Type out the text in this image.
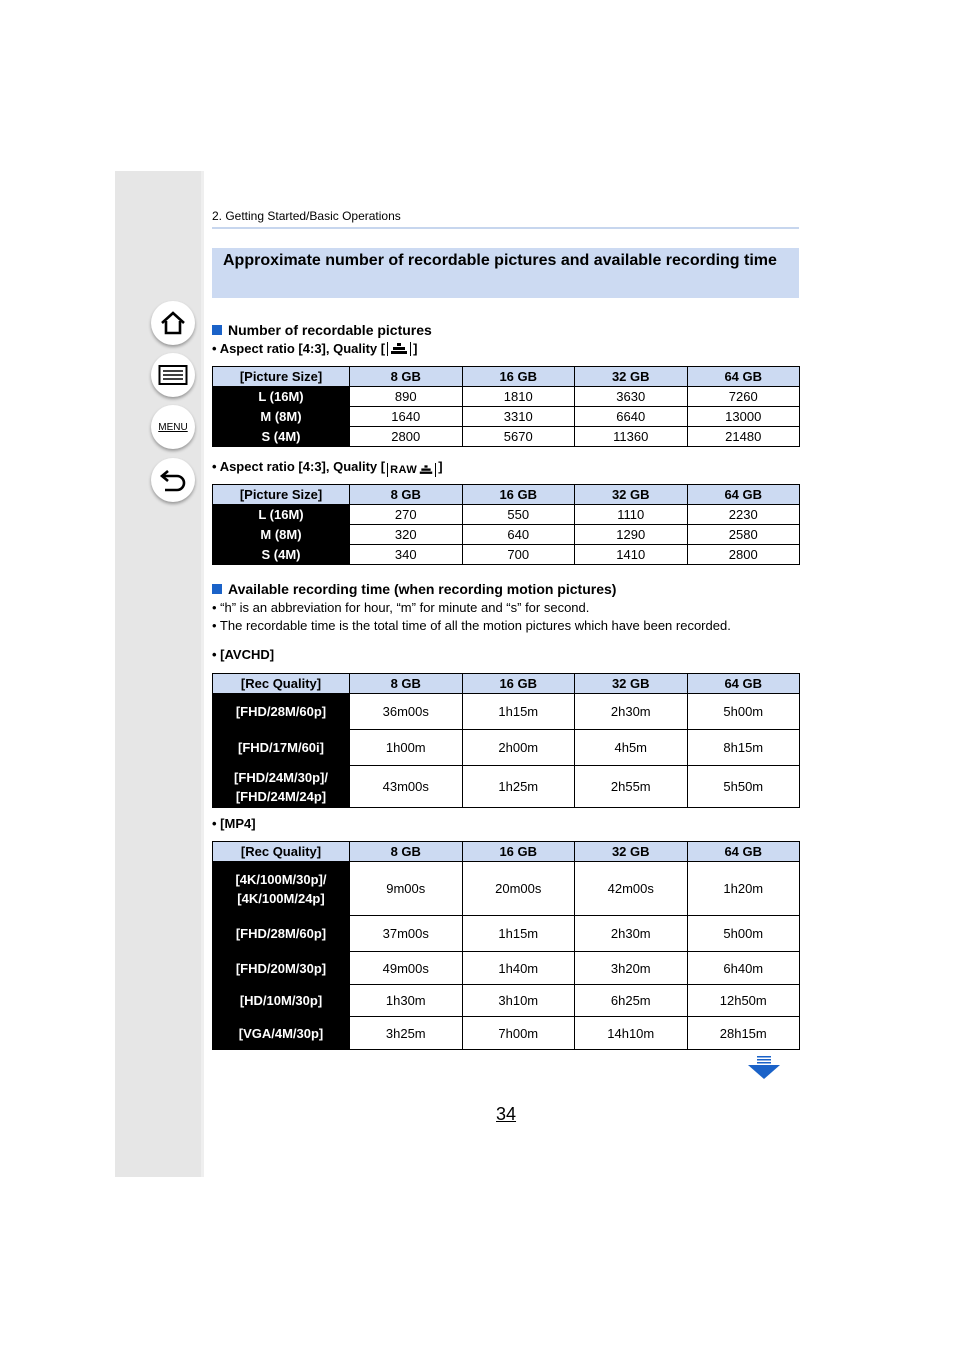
MENU
2. Getting Started/Basic Operations
Approximate number of recordable pictures and available recording time
Number of recordable pictures
• Aspect ratio [4:3], Quality [ ]
[Picture Size]	8 GB	16 GB	32 GB	64 GB

L (16M)	890	1810	3630	7260

M (8M)	1640	3310	6640	13000

S (4M)	2800	5670	11360	21480
• Aspect ratio [4:3], Quality [ RAW ]
[Picture Size]	8 GB	16 GB	32 GB	64 GB

L (16M)	270	550	1110	2230

M (8M)	320	640	1290	2580

S (4M)	340	700	1410	2800
Available recording time (when recording motion pictures)
• “h” is an abbreviation for hour, “m” for minute and “s” for second.
• The recordable time is the total time of all the motion pictures which have been recorded.
• [AVCHD]
[Rec Quality]	8 GB	16 GB	32 GB	64 GB

[FHD/28M/60p]	36m00s	1h15m	2h30m	5h00m

[FHD/17M/60i]	1h00m	2h00m	4h5m	8h15m

[FHD/24M/30p]/
[FHD/24M/24p]	43m00s	1h25m	2h55m	5h50m
• [MP4]
[Rec Quality]	8 GB	16 GB	32 GB	64 GB

[4K/100M/30p]/
[4K/100M/24p]	9m00s	20m00s	42m00s	1h20m

[FHD/28M/60p]	37m00s	1h15m	2h30m	5h00m

[FHD/20M/30p]	49m00s	1h40m	3h20m	6h40m

[HD/10M/30p]	1h30m	3h10m	6h25m	12h50m

[VGA/4M/30p]	3h25m	7h00m	14h10m	28h15m
34
